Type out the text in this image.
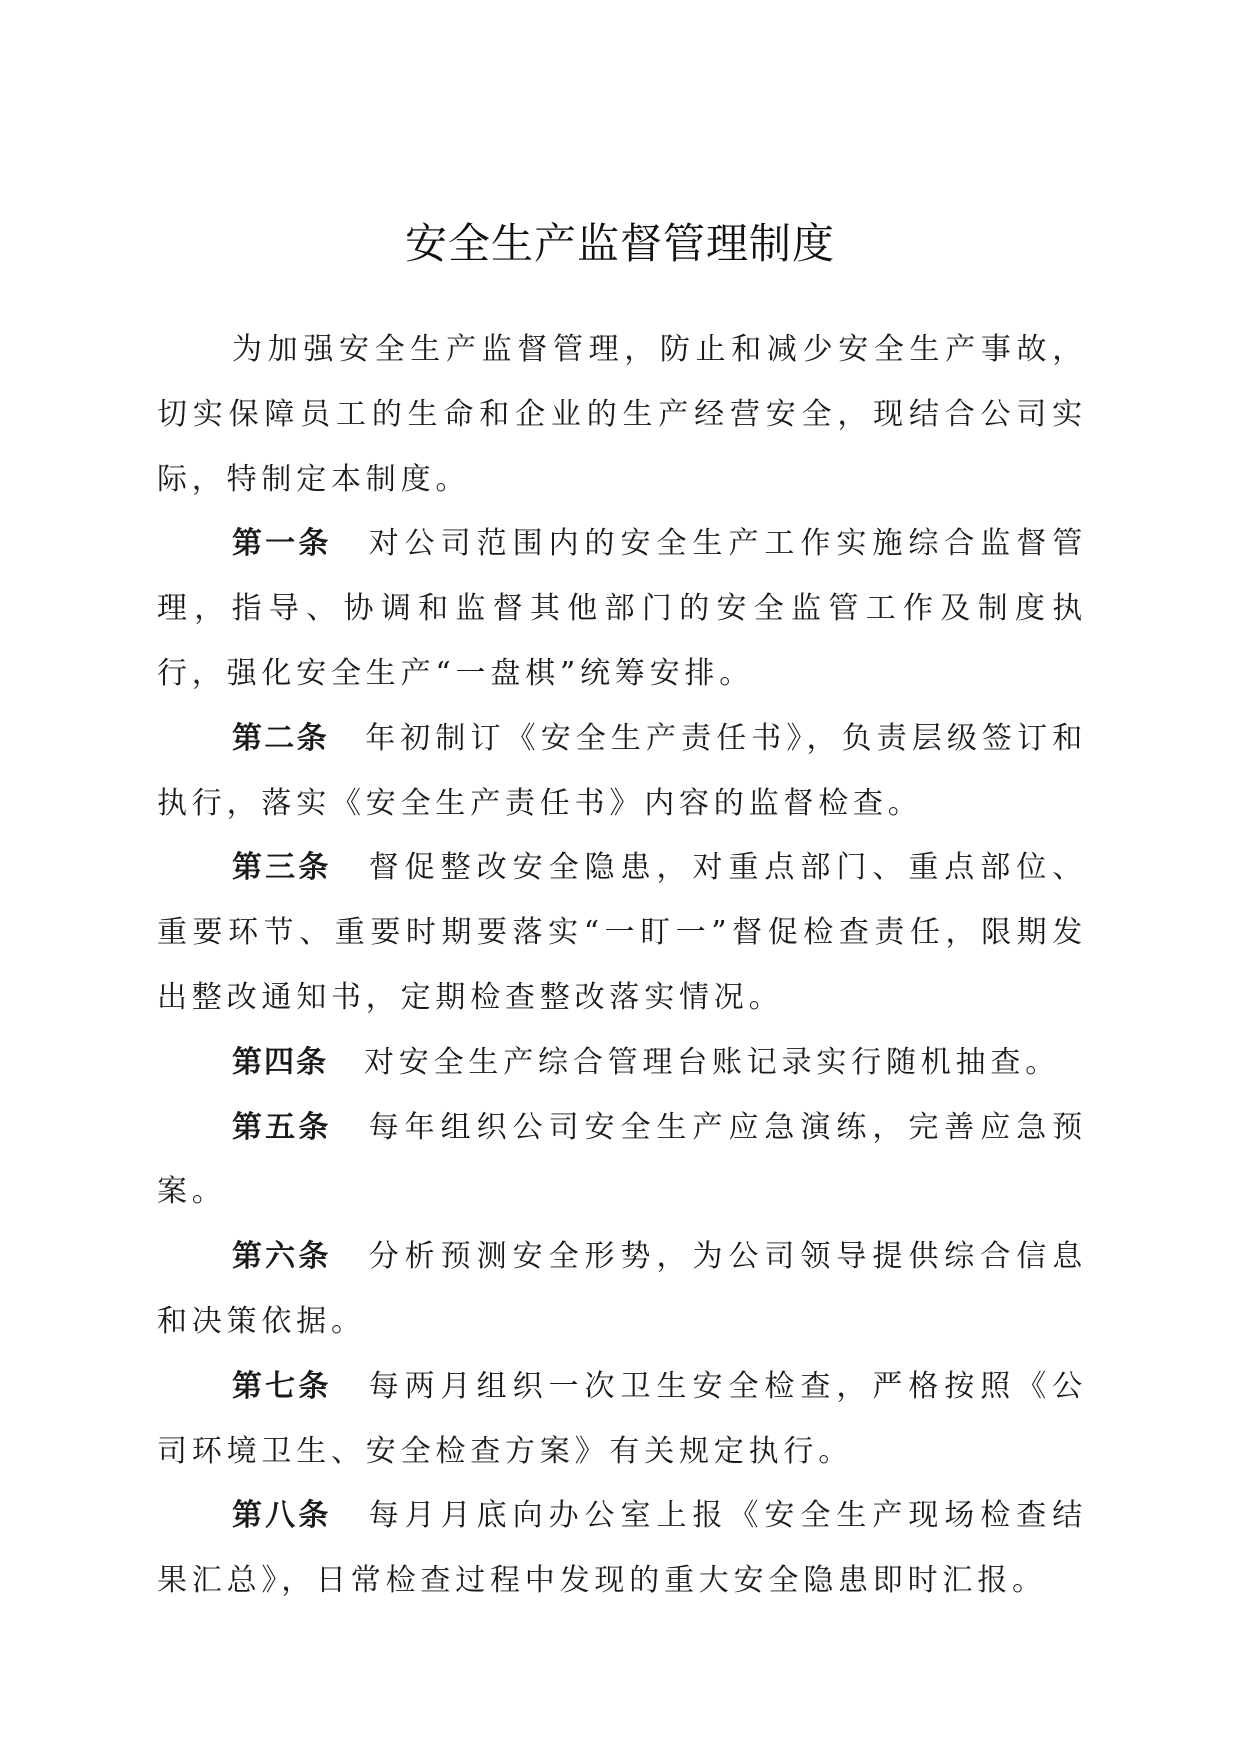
安全生产监督管理制度

为加强安全生产监督管理，防止和减少安全生产事故，切实保障员工的生命和企业的生产经营安全，现结合公司实际，特制定本制度。

第一条 对公司范围内的安全生产工作实施综合监督管理，指导、协调和监督其他部门的安全监管工作及制度执行，强化安全生产“一盘棋”统筹安排。

第二条 年初制订《安全生产责任书》，负责层级签订和执行，落实《安全生产责任书》内容的监督检查。

第三条 督促整改安全隐患，对重点部门、重点部位、重要环节、重要时期要落实“一盯一”督促检查责任，限期发出整改通知书，定期检查整改落实情况。

第四条 对安全生产综合管理台账记录实行随机抽查。

第五条 每年组织公司安全生产应急演练，完善应急预案。

第六条 分析预测安全形势，为公司领导提供综合信息和决策依据。

第七条 每两月组织一次卫生安全检查，严格按照《公司环境卫生、安全检查方案》有关规定执行。

第八条 每月月底向办公室上报《安全生产现场检查结果汇总》，日常检查过程中发现的重大安全隐患即时汇报。
